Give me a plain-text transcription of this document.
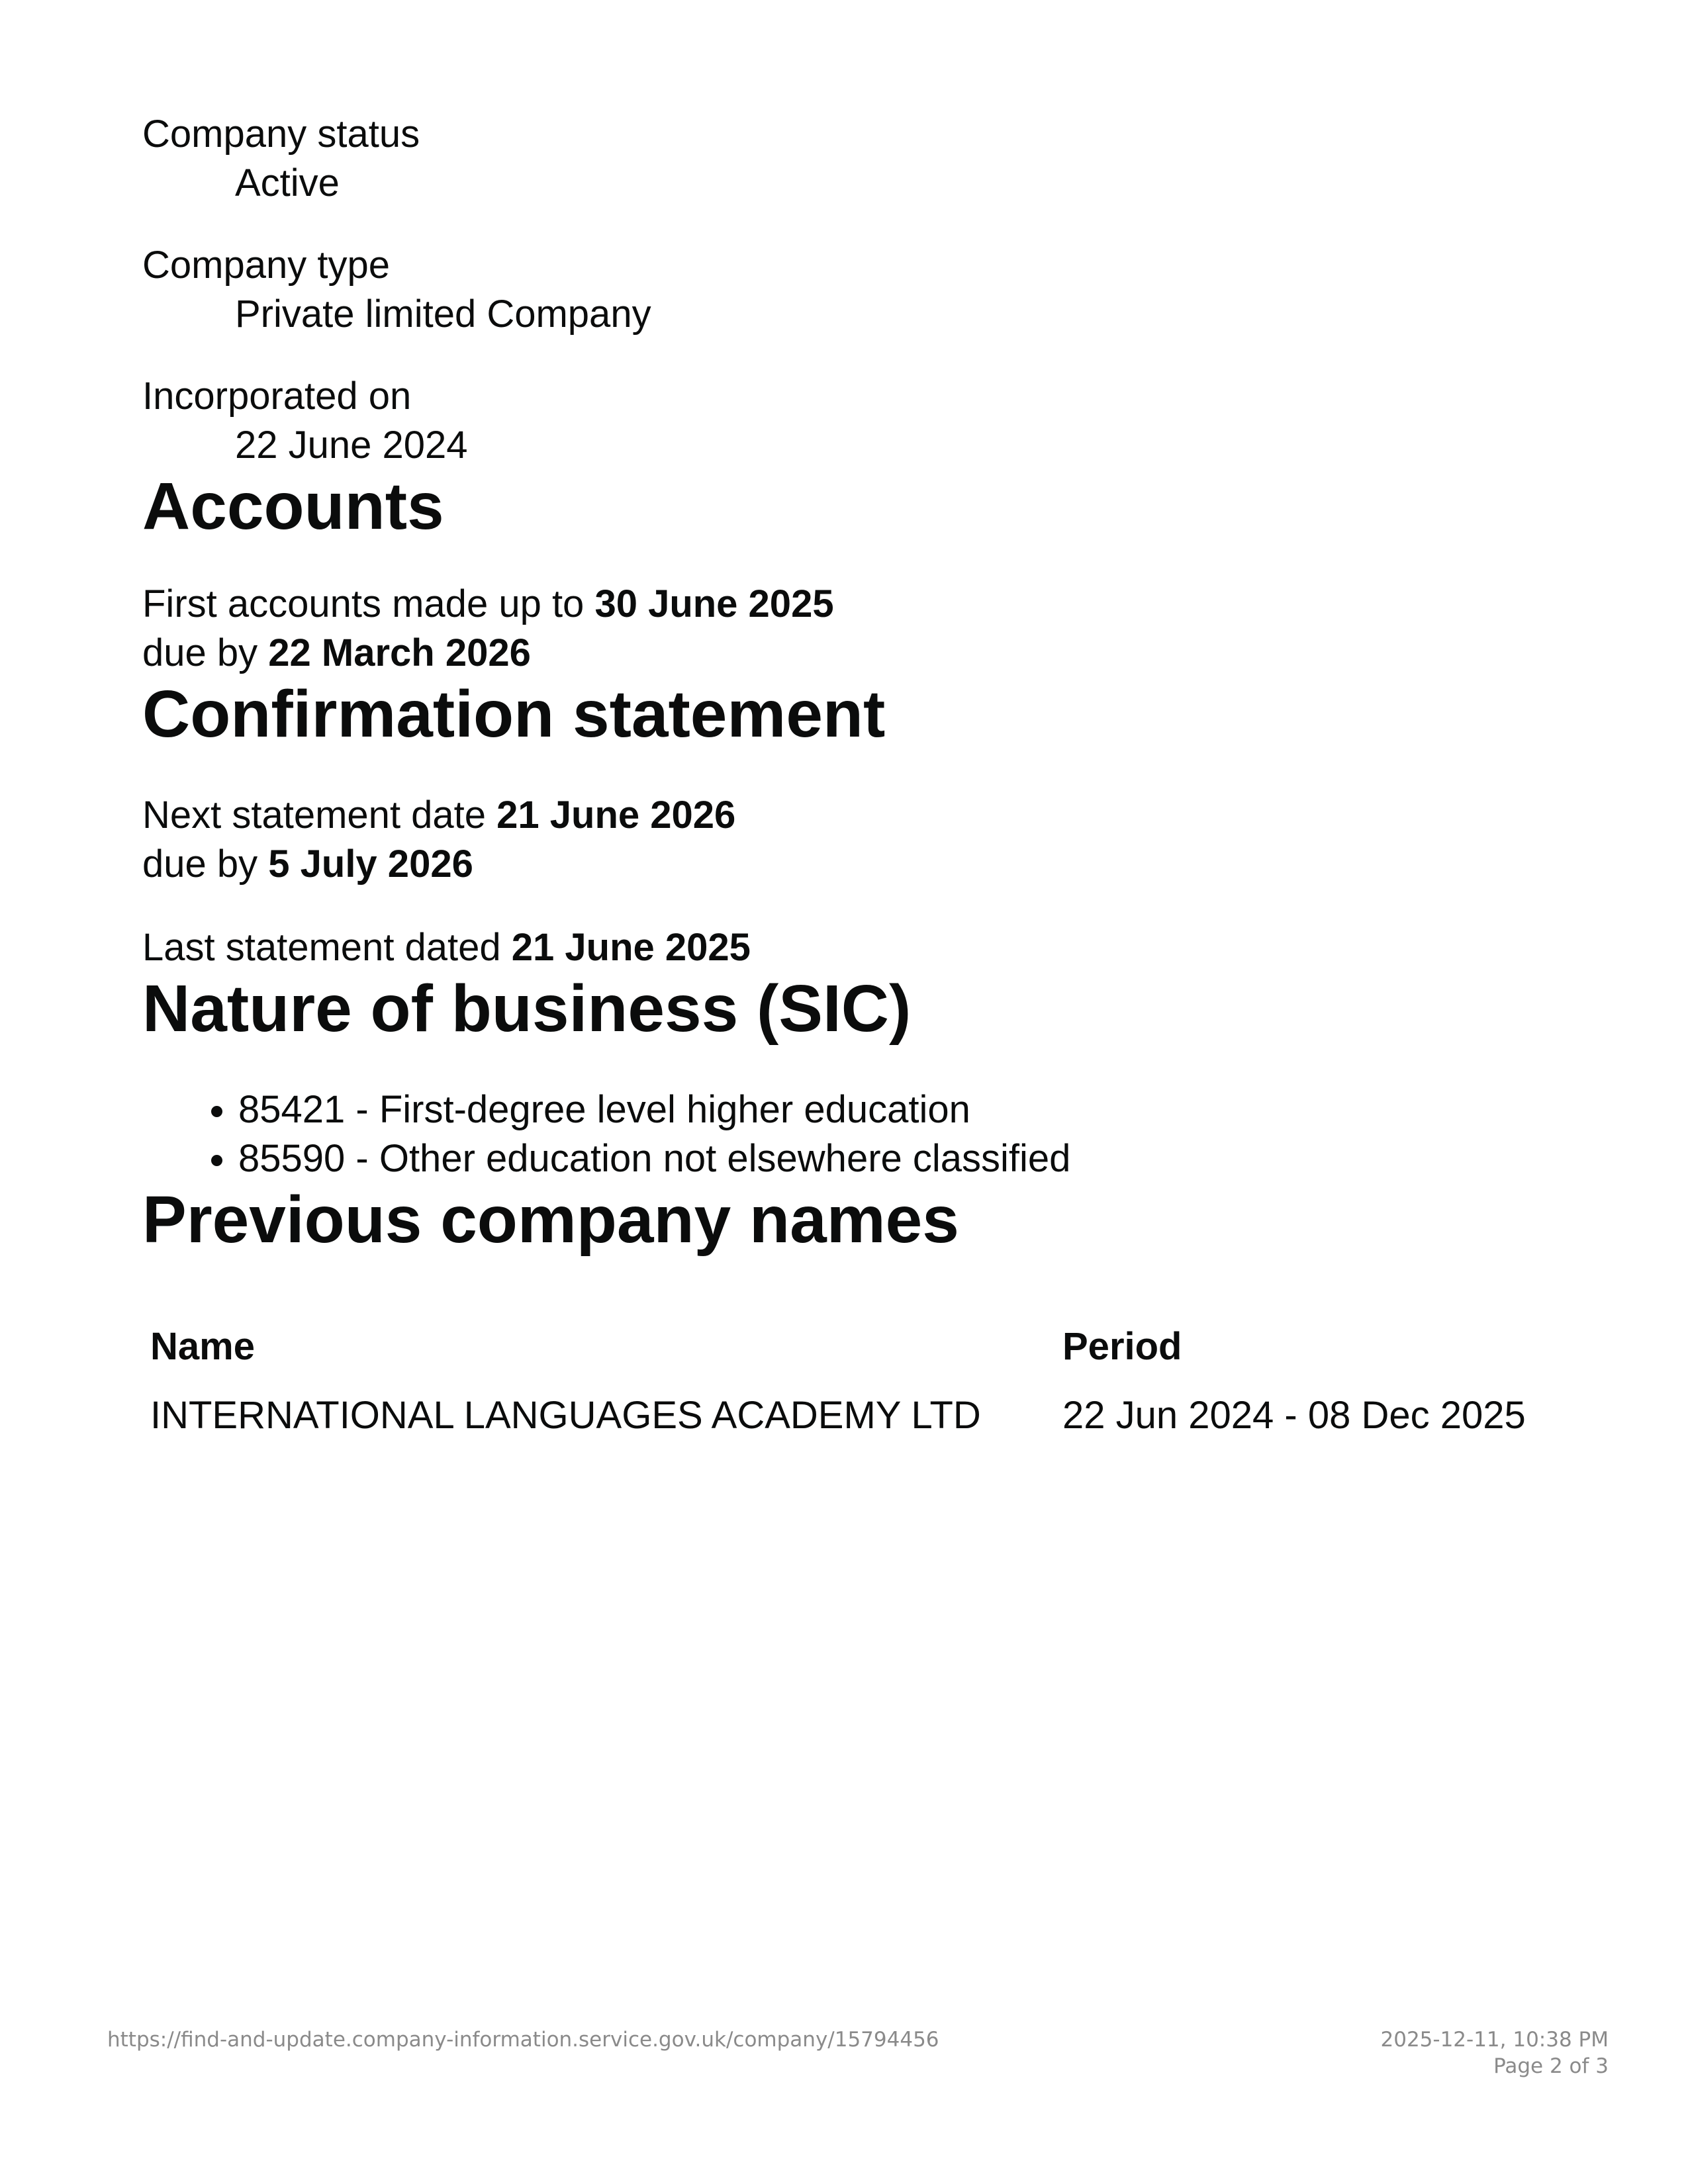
Company status
Active
Company type
Private limited Company
Incorporated on
22 June 2024
Accounts

First accounts made up to 30 June 2025
due by 22 March 2026

Confirmation statement

Next statement date 21 June 2026
due by 5 July 2026

Last statement dated 21 June 2025

Nature of business (SIC)
• 85421 - First-degree level higher education
• 85590 - Other education not elsewhere classified
Previous company names
Name	Period
INTERNATIONAL LANGUAGES ACADEMY LTD	22 Jun 2024 - 08 Dec 2025
https://find-and-update.company-information.service.gov.uk/company/15794456	2025-12-11, 10:38 PM
Page 2 of 3
